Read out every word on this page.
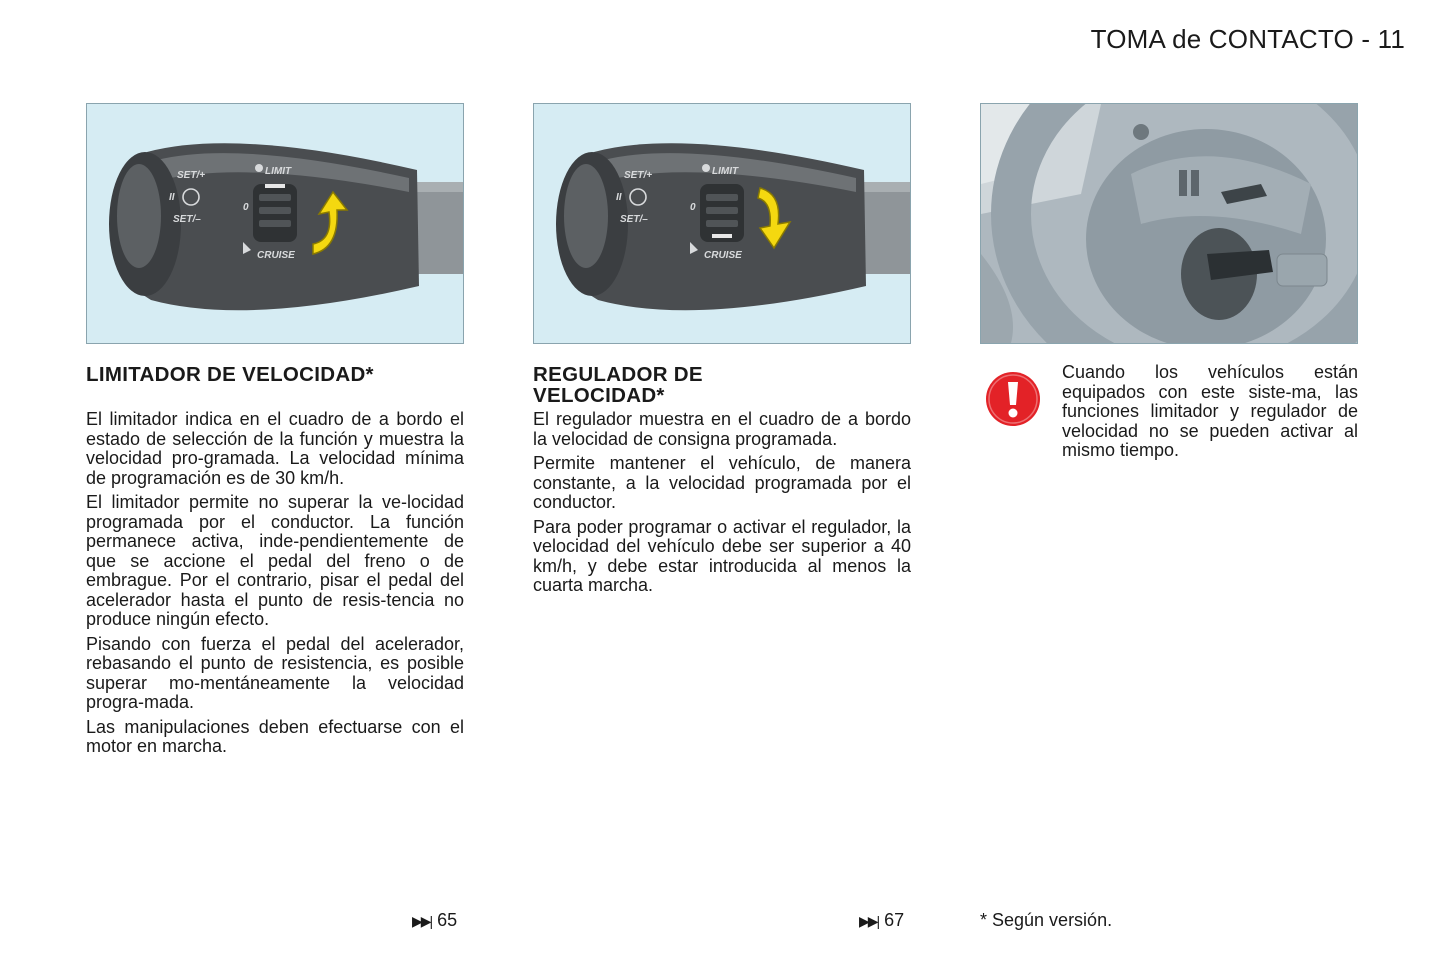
TOMA de CONTACTO - 11
SET/+
SET/–
LIMIT
CRUISE
0
II
LIMITADOR DE VELOCIDAD*

El limitador indica en el cuadro de a bordo el estado de selección de la función y muestra la velocidad pro-gramada. La velocidad mínima de programación es de 30 km/h.

El limitador permite no superar la ve-locidad programada por el conductor. La función permanece activa, inde-pendientemente de que se accione el pedal del freno o de embrague. Por el contrario, pisar el pedal del acelerador hasta el punto de resis-tencia no produce ningún efecto.

Pisando con fuerza el pedal del acelerador, rebasando el punto de resistencia, es posible superar mo-mentáneamente la velocidad progra-mada.

Las manipulaciones deben efectuarse con el motor en marcha.

SET/+
SET/–
LIMIT
CRUISE
0
II
REGULADOR DE VELOCIDAD*

El regulador muestra en el cuadro de a bordo la velocidad de consigna programada.

Permite mantener el vehículo, de manera constante, a la velocidad programada por el conductor.

Para poder programar o activar el regulador, la velocidad del vehículo debe ser superior a 40 km/h, y debe estar introducida al menos la cuarta marcha.

Cuando los vehículos están equipados con este siste-ma, las funciones limitador y regulador de velocidad no se pueden activar al mismo tiempo.
▶▶| 65	▶▶| 67	* Según versión.
